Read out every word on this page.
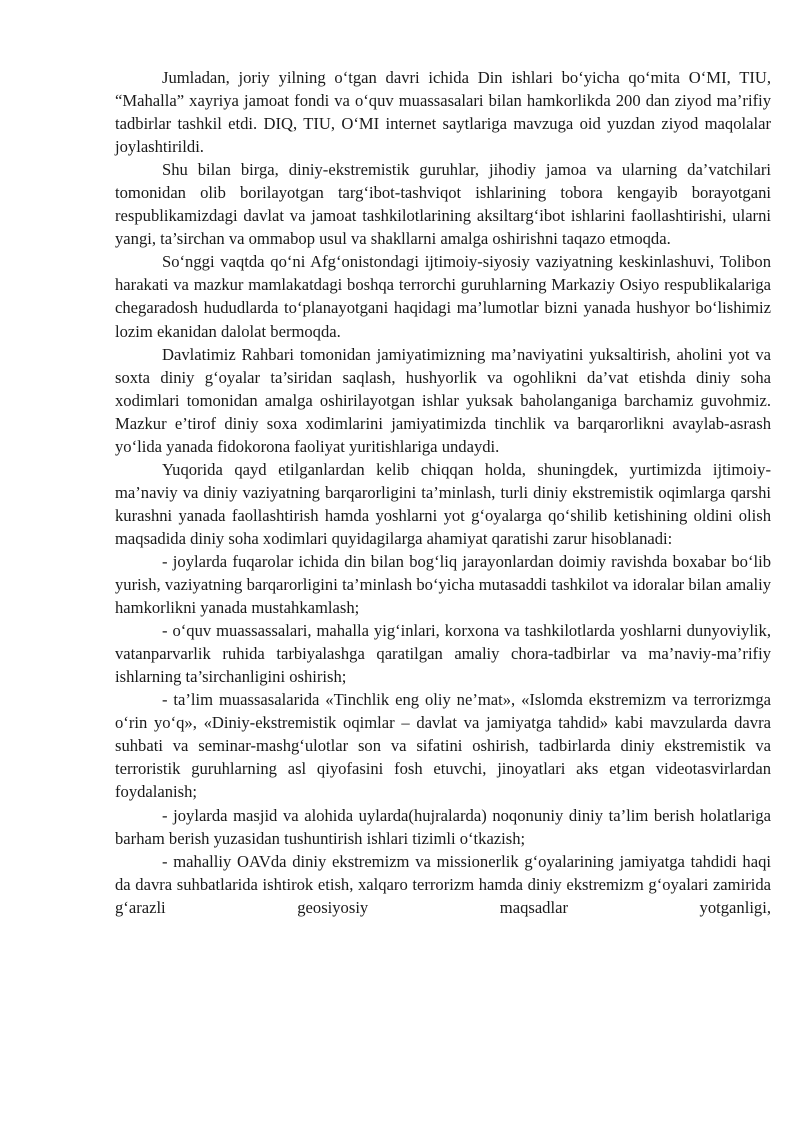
Jumladan, joriy yilning o‘tgan davri ichida Din ishlari bo‘yicha qo‘mita O‘MI, TIU, “Mahalla” xayriya jamoat fondi va o‘quv muassasalari bilan hamkorlikda 200 dan ziyod ma’rifiy tadbirlar tashkil etdi. DIQ, TIU, O‘MI internet saytlariga mavzuga oid yuzdan ziyod maqolalar joylashtirildi.

Shu bilan birga, diniy-ekstremistik guruhlar, jihodiy jamoa va ularning da’vatchilari tomonidan olib borilayotgan targ‘ibot-tashviqot ishlarining tobora kengayib borayotgani respublikamizdagi davlat va jamoat tashkilotlarining aksiltarg‘ibot ishlarini faollashtirishi, ularni yangi, ta’sirchan va ommabop usul va shakllarni amalga oshirishni taqazo etmoqda.

So‘nggi vaqtda qo‘ni Afg‘onistondagi ijtimoiy-siyosiy vaziyatning keskinlashuvi, Tolibon harakati va mazkur mamlakatdagi boshqa terrorchi guruhlarning Markaziy Osiyo respublikalariga chegaradosh hududlarda to‘planayotgani haqidagi ma’lumotlar bizni yanada hushyor bo‘lishimiz lozim ekanidan dalolat bermoqda.

Davlatimiz Rahbari tomonidan jamiyatimizning ma’naviyatini yuksaltirish, aholini yot va soxta diniy g‘oyalar ta’siridan saqlash, hushyorlik va ogohlikni da’vat etishda diniy soha xodimlari tomonidan amalga oshirilayotgan ishlar yuksak baholanganiga barchamiz guvohmiz. Mazkur e’tirof diniy soxa xodimlarini jamiyatimizda tinchlik va barqarorlikni avaylab-asrash yo‘lida yanada fidokorona faoliyat yuritishlariga undaydi.

Yuqorida qayd etilganlardan kelib chiqqan holda, shuningdek, yurtimizda ijtimoiy-ma’naviy va diniy vaziyatning barqarorligini ta’minlash, turli diniy ekstremistik oqimlarga qarshi kurashni yanada faollashtirish hamda yoshlarni yot g‘oyalarga qo‘shilib ketishining oldini olish maqsadida diniy soha xodimlari quyidagilarga ahamiyat qaratishi zarur hisoblanadi:

- joylarda fuqarolar ichida din bilan bog‘liq jarayonlardan doimiy ravishda boxabar bo‘lib yurish, vaziyatning barqarorligini ta’minlash bo‘yicha mutasaddi tashkilot va idoralar bilan amaliy hamkorlikni yanada mustahkamlash;

- o‘quv muassassalari, mahalla yig‘inlari, korxona va tashkilotlarda yoshlarni dunyoviylik, vatanparvarlik ruhida tarbiyalashga qaratilgan amaliy chora-tadbirlar va ma’naviy-ma’rifiy ishlarning ta’sirchanligini oshirish;

- ta’lim muassasalarida «Tinchlik eng oliy ne’mat», «Islomda ekstremizm va terrorizmga o‘rin yo‘q», «Diniy-ekstremistik oqimlar – davlat va jamiyatga tahdid» kabi mavzularda davra suhbati va seminar-mashg‘ulotlar son va sifatini oshirish, tadbirlarda diniy ekstremistik va terroristik guruhlarning asl qiyofasini fosh etuvchi, jinoyatlari aks etgan videotasvirlardan foydalanish;

- joylarda masjid va alohida uylarda(hujralarda) noqonuniy diniy ta’lim berish holatlariga barham berish yuzasidan tushuntirish ishlari tizimli o‘tkazish;

- mahalliy OAVda diniy ekstremizm va missionerlik g‘oyalarining jamiyatga tahdidi haqi da davra suhbatlarida ishtirok etish, xalqaro terrorizm hamda diniy ekstremizm g‘oyalari zamirida g‘arazli geosiyosiy maqsadlar yotganligi,
